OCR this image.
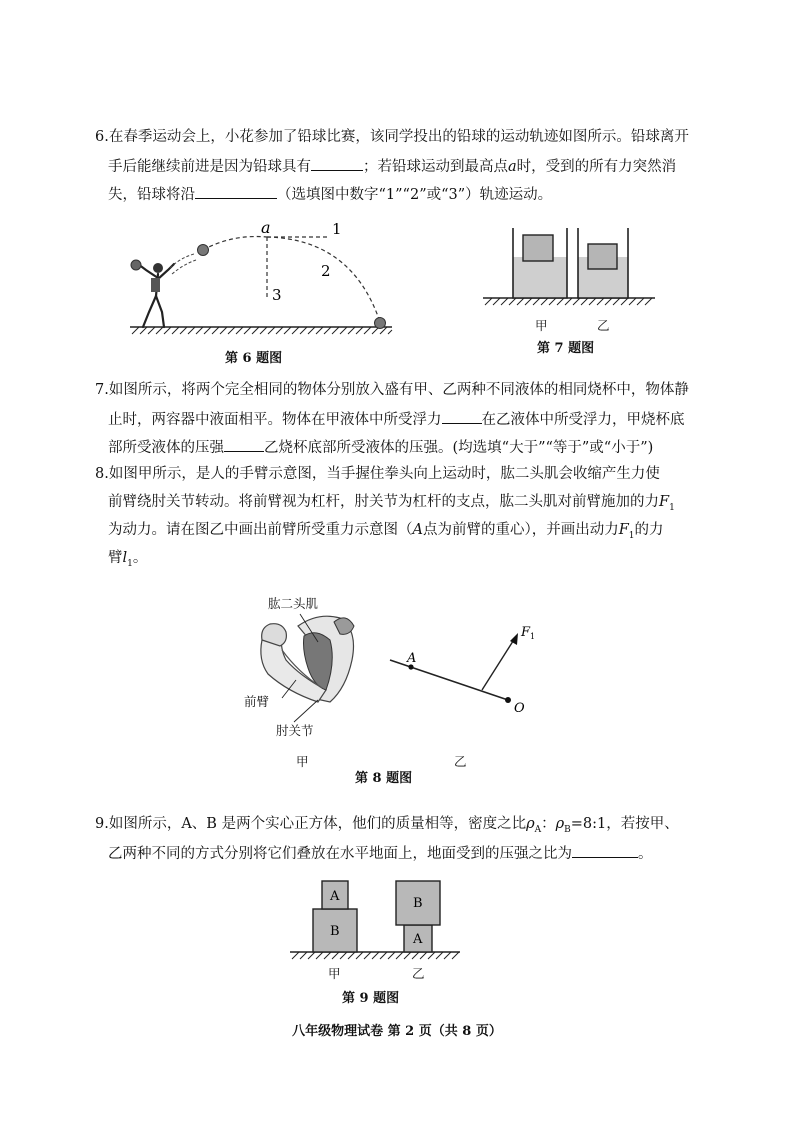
6.在春季运动会上，小花参加了铅球比赛，该同学投出的铅球的运动轨迹如图所示。铅球离开
手后能继续前进是因为铅球具有	；若铅球运动到最高点a时，受到的所有力突然消
失，铅球将沿	（选填图中数字“1”“2”或“3”）轨迹运动。
a	1
2
3
第 6 题图
甲	乙
第 7 题图
7.如图所示，将两个完全相同的物体分别放入盛有甲、乙两种不同液体的相同烧杯中，物体静
止时，两容器中液面相平。物体在甲液体中所受浮力	在乙液体中所受浮力，甲烧杯底
部所受液体的压强	乙烧杯底部所受液体的压强。(均选填“大于”“等于”或“小于”)
8.如图甲所示，是人的手臂示意图，当手握住拳头向上运动时，肱二头肌会收缩产生力使
前臂绕肘关节转动。将前臂视为杠杆，肘关节为杠杆的支点，肱二头肌对前臂施加的力$F_1$
为动力。请在图乙中画出前臂所受重力示意图（A点为前臂的重心），并画出动力$F_1$的力
臂$l_1$。
肱二头肌
前臂
肘关节
甲
A
O
$F_1$
乙
第 8 题图
9.如图所示，A、B 是两个实心正方体，他们的质量相等，密度之比$\rho_A$：$\rho_B=8:1$，若按甲、
乙两种不同的方式分别将它们叠放在水平地面上，地面受到的压强之比为	。
A
B
B
A
甲	乙
第 9 题图
八年级物理试卷 第 2 页（共 8 页）
